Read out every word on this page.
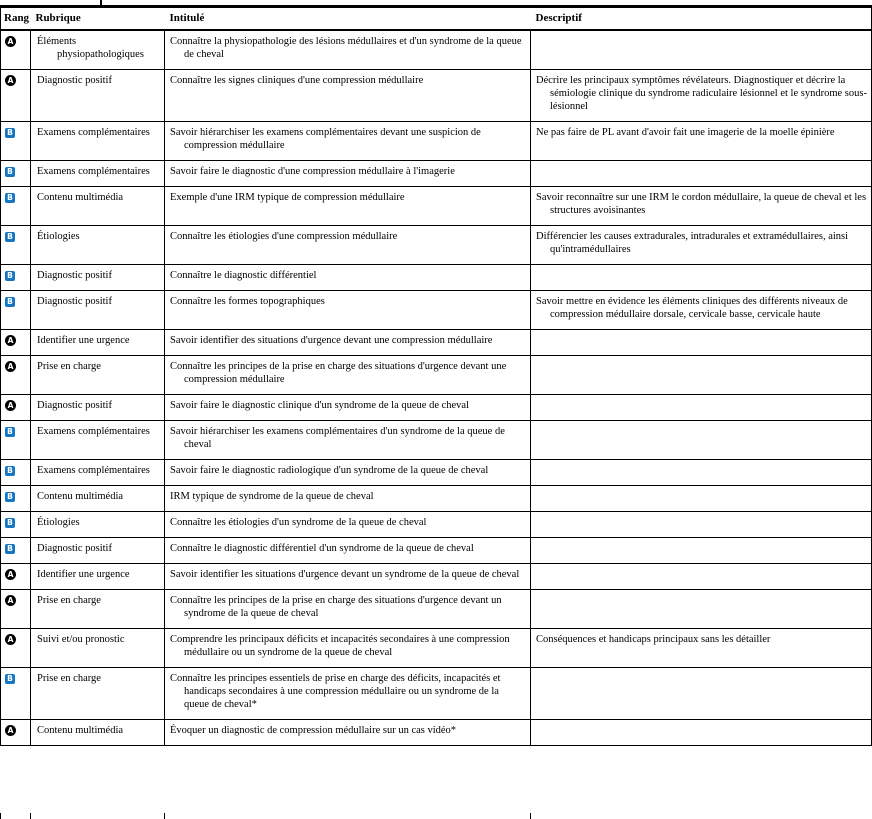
Rang	Rubrique	Intitulé	Descriptif
A	Éléments physiopathologiques	Connaître la physiopathologie des lésions médullaires et d'un syndrome de la queue de cheval	
A	Diagnostic positif	Connaître les signes cliniques d'une compression médullaire	Décrire les principaux symptômes révélateurs. Diagnostiquer et décrire la sémiologie clinique du syndrome radiculaire lésionnel et le syndrome sous-lésionnel
B	Examens complémentaires	Savoir hiérarchiser les examens complémentaires devant une suspicion de compression médullaire	Ne pas faire de PL avant d'avoir fait une imagerie de la moelle épinière
B	Examens complémentaires	Savoir faire le diagnostic d'une compression médullaire à l'imagerie	
B	Contenu multimédia	Exemple d'une IRM typique de compression médullaire	Savoir reconnaître sur une IRM le cordon médullaire, la queue de cheval et les structures avoisinantes
B	Étiologies	Connaître les étiologies d'une compression médullaire	Différencier les causes extradurales, intradurales et extramédullaires, ainsi qu'intramédullaires
B	Diagnostic positif	Connaître le diagnostic différentiel	
B	Diagnostic positif	Connaître les formes topographiques	Savoir mettre en évidence les éléments cliniques des différents niveaux de compression médullaire dorsale, cervicale basse, cervicale haute
A	Identifier une urgence	Savoir identifier des situations d'urgence devant une compression médullaire	
A	Prise en charge	Connaître les principes de la prise en charge des situations d'urgence devant une compression médullaire	
A	Diagnostic positif	Savoir faire le diagnostic clinique d'un syndrome de la queue de cheval	
B	Examens complémentaires	Savoir hiérarchiser les examens complémentaires d'un syndrome de la queue de cheval	
B	Examens complémentaires	Savoir faire le diagnostic radiologique d'un syndrome de la queue de cheval	
B	Contenu multimédia	IRM typique de syndrome de la queue de cheval	
B	Étiologies	Connaître les étiologies d'un syndrome de la queue de cheval	
B	Diagnostic positif	Connaître le diagnostic différentiel d'un syndrome de la queue de cheval	
A	Identifier une urgence	Savoir identifier les situations d'urgence devant un syndrome de la queue de cheval	
A	Prise en charge	Connaître les principes de la prise en charge des situations d'urgence devant un syndrome de la queue de cheval	
A	Suivi et/ou pronostic	Comprendre les principaux déficits et incapacités secondaires à une compression médullaire ou un syndrome de la queue de cheval	Conséquences et handicaps principaux sans les détailler
B	Prise en charge	Connaître les principes essentiels de prise en charge des déficits, incapacités et handicaps secondaires à une compression médullaire ou un syndrome de la queue de cheval*	
A	Contenu multimédia	Évoquer un diagnostic de compression médullaire sur un cas vidéo*	
